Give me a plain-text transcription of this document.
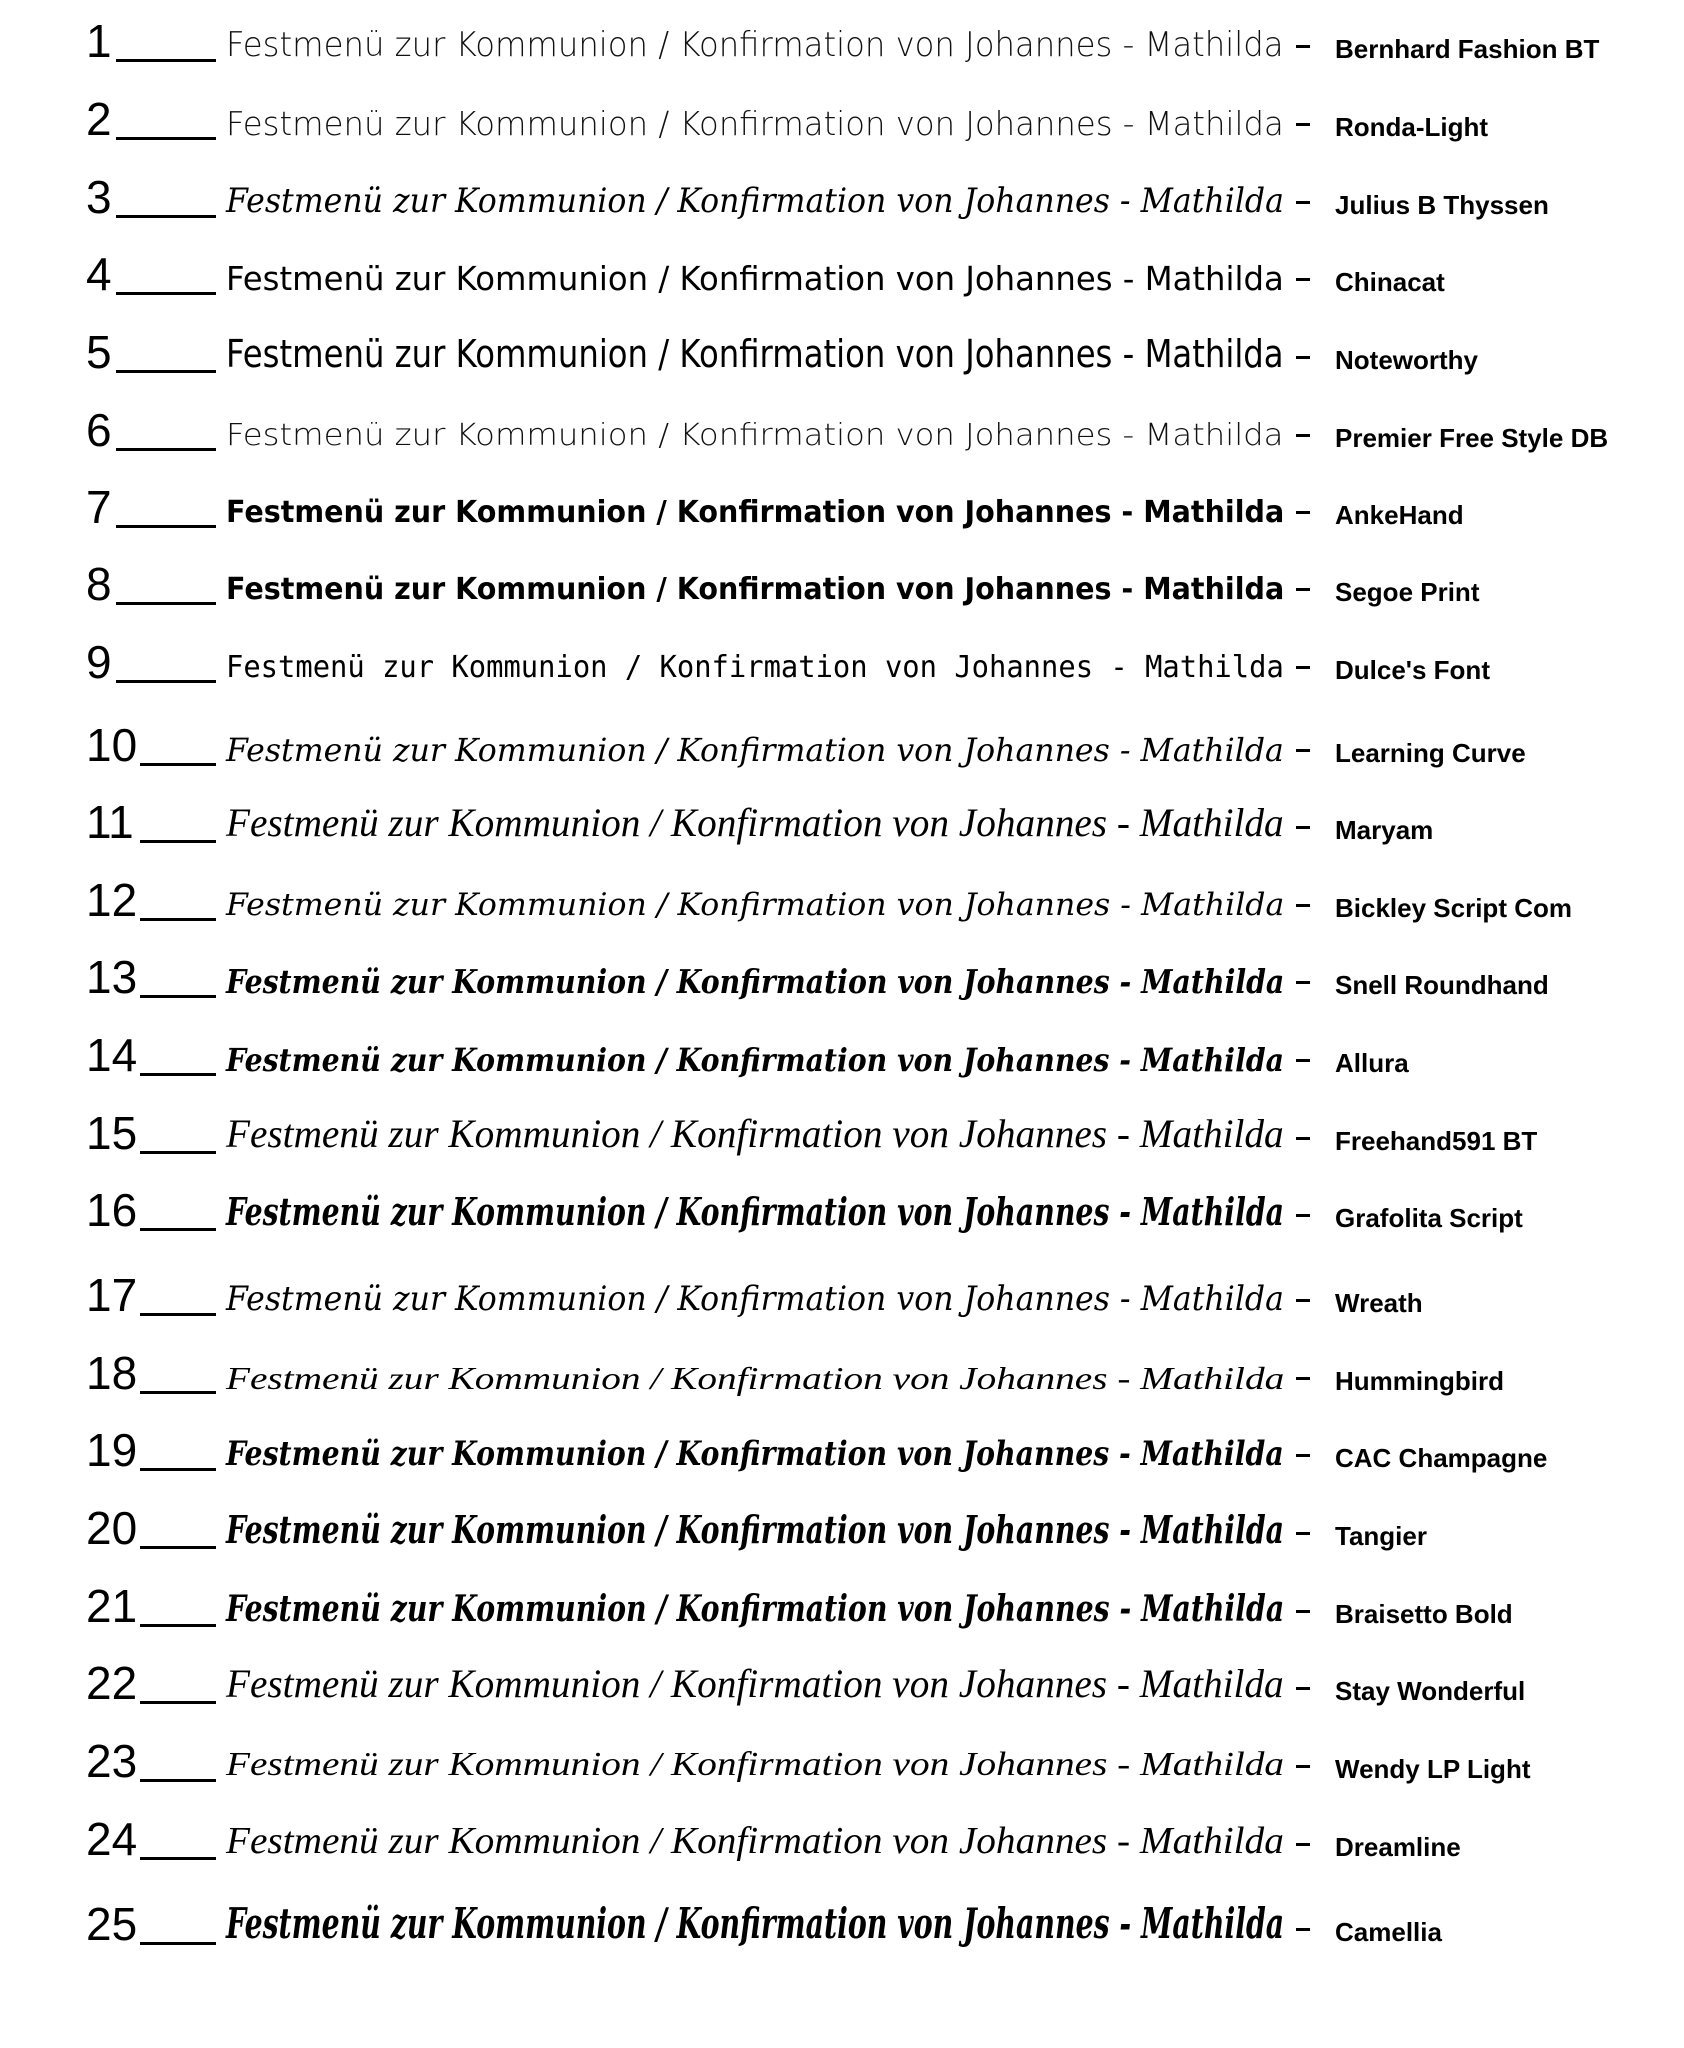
1	Festmenü zur Kommunion / Konfirmation von Johannes - Mathilda Bernhard Fashion BT
2	Festmenü zur Kommunion / Konfirmation von Johannes - Mathilda Ronda-Light
3	Festmenü zur Kommunion / Konfirmation von Johannes - Mathilda Julius B Thyssen
4	Festmenü zur Kommunion / Konfirmation von Johannes - Mathilda Chinacat
5	Festmenü zur Kommunion / Konfirmation von Johannes - Mathilda Noteworthy
6	Festmenü zur Kommunion / Konfirmation von Johannes - Mathilda Premier Free Style DB
7	Festmenü zur Kommunion / Konfirmation von Johannes - Mathilda AnkeHand
8	Festmenü zur Kommunion / Konfirmation von Johannes - Mathilda Segoe Print
9	Festmenü zur Kommunion / Konfirmation von Johannes - Mathilda Dulce's Font
10	Festmenü zur Kommunion / Konfirmation von Johannes - Mathilda Learning Curve
11 Festmenü zur Kommunion / Konfirmation von Johannes - Mathilda Maryam
12	Festmenü zur Kommunion / Konfirmation von Johannes - Mathilda Bickley Script Com
13	Festmenü zur Kommunion / Konfirmation von Johannes - Mathilda Snell Roundhand
14	Festmenü zur Kommunion / Konfirmation von Johannes - Mathilda Allura
15 Festmenü zur Kommunion / Konfirmation von Johannes - Mathilda Freehand591 BT
16 Festmenü zur Kommunion / Konfirmation von Johannes - Mathilda Grafolita Script
17	Festmenü zur Kommunion / Konfirmation von Johannes - Mathilda Wreath
18	Festmenü zur Kommunion / Konfirmation von Johannes - Mathilda Hummingbird
19	Festmenü zur Kommunion / Konfirmation von Johannes - Mathilda CAC Champagne
20 Festmenü zur Kommunion / Konfirmation von Johannes - Mathilda Tangier
21 Festmenü zur Kommunion / Konfirmation von Johannes - Mathilda Braisetto Bold
22 Festmenü zur Kommunion / Konfirmation von Johannes - Mathilda Stay Wonderful
23	Festmenü zur Kommunion / Konfirmation von Johannes - Mathilda Wendy LP Light
24 Festmenü zur Kommunion / Konfirmation von Johannes - Mathilda Dreamline
25 Festmenü zur Kommunion / Konfirmation von Johannes - Mathilda Camellia
